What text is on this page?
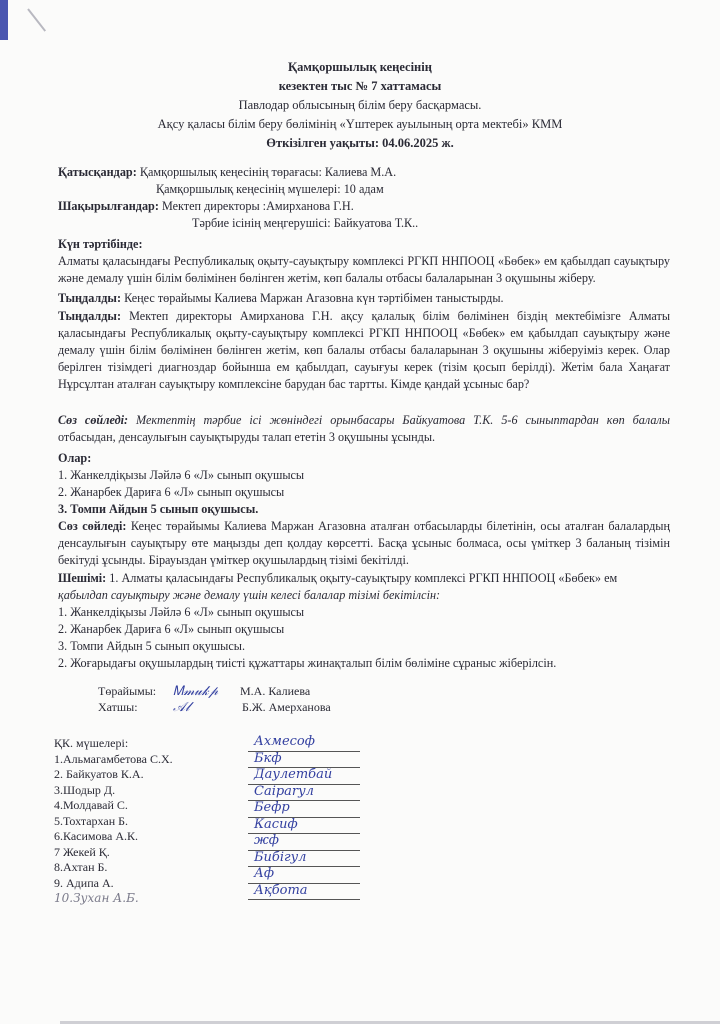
Қамқоршылық кеңесінің
кезектен тыс № 7 хаттамасы
Павлодар облысының білім беру басқармасы.
Ақсу қаласы білім беру бөлімінің «Үштерек ауылының орта мектебі» КММ
Өткізілген уақыты: 04.06.2025 ж.
Қатысқандар: Қамқоршылық кеңесінің төрағасы: Калиева М.А.
Қамқоршылық кеңесінің мүшелері: 10 адам
Шақырылғандар: Мектеп директоры :Амирханова Г.Н.
Тәрбие ісінің меңгерушісі: Байкуатова Т.К..
Күн тәртібінде:
Алматы қаласындағы Республикалық оқыту-сауықтыру комплексі РГКП ННПООЦ «Бөбек» ем қабылдап сауықтыру және демалу үшін білім бөлімінен бөлінген жетім, көп балалы отбасы балаларынан 3 оқушыны жіберу.
Тыңдалды: Кеңес төрайымы Калиева Маржан Агазовна күн тәртібімен таныстырды.
Тыңдалды: Мектеп директоры Амирханова Г.Н. ақсу қалалық білім бөлімінен біздің мектебімізге Алматы қаласындағы Республикалық оқыту-сауықтыру комплексі РГКП ННПООЦ «Бөбек» ем қабылдап сауықтыру және демалу үшін білім бөлімінен бөлінген жетім, көп балалы отбасы балаларынан 3 оқушыны жіберуіміз керек. Олар берілген тізімдегі диагноздар бойынша ем қабылдап, сауығуы керек (тізім қосып берілді). Жетім бала Хаңағат Нұрсұлтан аталған сауықтыру комплексіне барудан бас тартты. Кімде қандай ұсыныс бар?
Сөз сөйледі: Мектептің тәрбие ісі жөніндегі орынбасары Байкуатова Т.К. 5-6 сыныптардан көп балалы отбасыдан, денсаулығын сауықтыруды талап ететін 3 оқушыны ұсынды.
Олар:
1. Жанкелдіқызы Ләйлә 6 «Л» сынып оқушысы
2. Жанарбек Дариға 6 «Л» сынып оқушысы
3. Томпи Айдын 5 сынып оқушысы.
Сөз сөйледі: Кеңес төрайымы Калиева Маржан Агазовна аталған отбасыларды білетінін, осы аталған балалардың денсаулығын сауықтыру өте маңызды деп қолдау көрсетті. Басқа ұсыныс болмаса, осы үміткер 3 баланың тізімін бекітуді ұсынды. Бірауыздан үміткер оқушылардың тізімі бекітілді.
Шешімі: 1. Алматы қаласындағы Республикалық оқыту-сауықтыру комплексі РГКП ННПООЦ «Бөбек» ем
қабылдап сауықтыру және демалу үшін келесі балалар тізімі бекітілсін:
1. Жанкелдіқызы Ләйлә 6 «Л» сынып оқушысы
2. Жанарбек Дариға 6 «Л» сынып оқушысы
3. Томпи Айдын 5 сынып оқушысы.
2. Жоғарыдағы оқушылардың тиісті құжаттары жинақталып білім бөліміне сұраныс жіберілсін.
Төрайымы: Ꮇ𝓂𝓊𝓀𝓅 М.А. Калиева
Хатшы:	𝒜𝓁	Б.Ж. Амерханова
ҚК. мүшелері:
1.Альмагамбетова С.Х.
2. Байкуатов К.А.
3.Шодыр Д.
4.Молдавай С.
5.Тохтархан Б.
6.Касимова А.К.
7 Жекей Қ.
8.Ахтан Б.
9. Адипа А.
10.Зухан А.Б.
Ахмеcoф
Бкф
Даулетбай
Саiparул
Бефр
Каcиф
жф
Бибiгул
Аф
Ақбота
